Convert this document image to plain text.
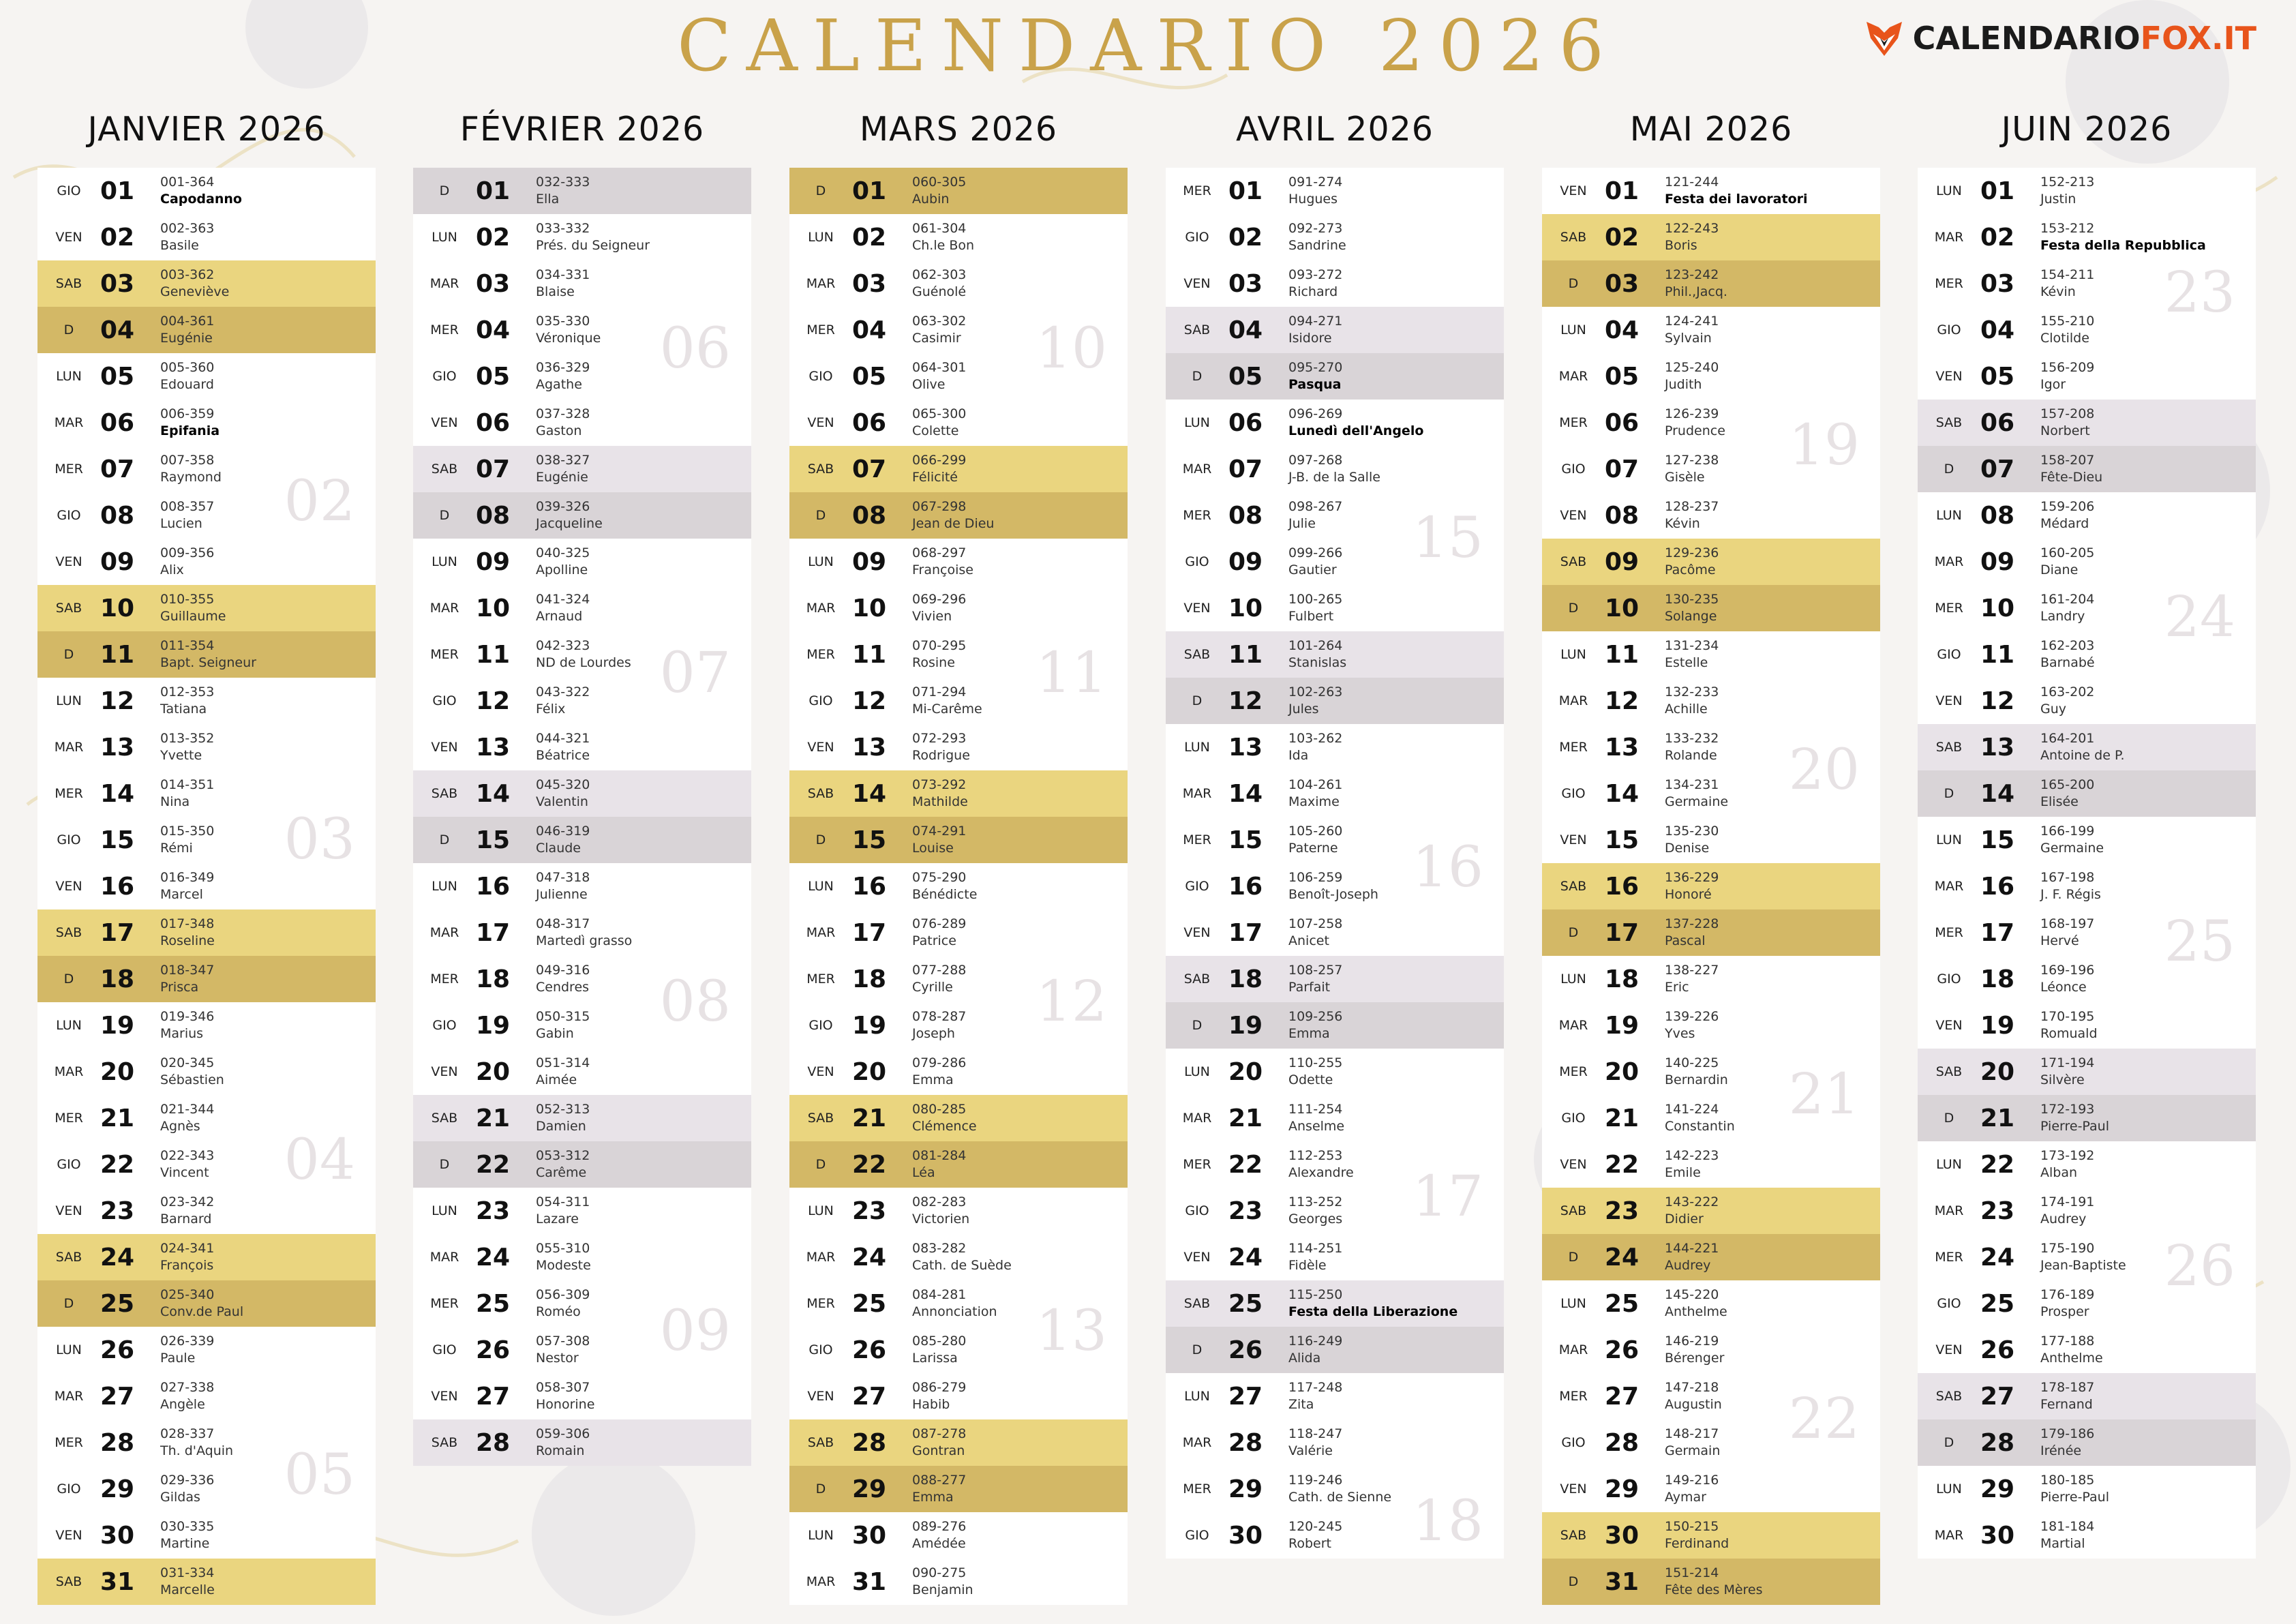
CALENDARIO 2026	CALENDARIO FOX.IT
JANVIER 2026
GIO 01 001-364
Capodanno
VEN 02 002-363
Basile
SAB 03 003-362
Geneviève
D	04 004-361
Eugénie
LUN 05 005-360
Edouard
MAR 06 006-359
Epifania
MER 07 007-358
Raymond
GIO 08 008-357
Lucien
VEN 09 009-356
Alix
SAB 10 010-355
Guillaume
D	11 011-354
Bapt. Seigneur
LUN 12 012-353
Tatiana
MAR 13 013-352
Yvette
MER 14 014-351
Nina
GIO 15 015-350
Rémi
VEN 16 016-349
Marcel
SAB 17 017-348
Roseline
D	18 018-347
Prisca
LUN 19 019-346
Marius
MAR 20 020-345
Sébastien
MER 21 021-344
Agnès
GIO 22 022-343
Vincent
VEN 23 023-342
Barnard
SAB 24 024-341
François
D	25 025-340
Conv.de Paul
LUN 26 026-339
Paule
MAR 27 027-338
Angèle
MER 28 028-337
Th. d'Aquin
GIO 29 029-336
Gildas
VEN 30 030-335
Martine
SAB 31 031-334
Marcelle
02
03
04
05
FÉVRIER 2026
D	01 032-333
Ella
LUN 02 033-332
Prés. du Seigneur
MAR 03 034-331
Blaise
MER 04 035-330
Véronique
GIO 05 036-329
Agathe
VEN 06 037-328
Gaston
SAB 07 038-327
Eugénie
D	08 039-326
Jacqueline
LUN 09 040-325
Apolline
MAR 10 041-324
Arnaud
MER 11 042-323
ND de Lourdes
GIO 12 043-322
Félix
VEN 13 044-321
Béatrice
SAB 14 045-320
Valentin
D	15 046-319
Claude
LUN 16 047-318
Julienne
MAR 17 048-317
Martedì grasso
MER 18 049-316
Cendres
GIO 19 050-315
Gabin
VEN 20 051-314
Aimée
SAB 21 052-313
Damien
D	22 053-312
Carême
LUN 23 054-311
Lazare
MAR 24 055-310
Modeste
MER 25 056-309
Roméo
GIO 26 057-308
Nestor
VEN 27 058-307
Honorine
SAB 28 059-306
Romain
06
07
08
09
MARS 2026
D	01 060-305
Aubin
LUN 02 061-304
Ch.le Bon
MAR 03 062-303
Guénolé
MER 04 063-302
Casimir
GIO 05 064-301
Olive
VEN 06 065-300
Colette
SAB 07 066-299
Félicité
D	08 067-298
Jean de Dieu
LUN 09 068-297
Françoise
MAR 10 069-296
Vivien
MER 11 070-295
Rosine
GIO 12 071-294
Mi-Carême
VEN 13 072-293
Rodrigue
SAB 14 073-292
Mathilde
D	15 074-291
Louise
LUN 16 075-290
Bénédicte
MAR 17 076-289
Patrice
MER 18 077-288
Cyrille
GIO 19 078-287
Joseph
VEN 20 079-286
Emma
SAB 21 080-285
Clémence
D	22 081-284
Léa
LUN 23 082-283
Victorien
MAR 24 083-282
Cath. de Suède
MER 25 084-281
Annonciation
GIO 26 085-280
Larissa
VEN 27 086-279
Habib
SAB 28 087-278
Gontran
D	29 088-277
Emma
LUN 30 089-276
Amédée
MAR 31 090-275
Benjamin
10
11
12
13
AVRIL 2026
MER 01 091-274
Hugues
GIO 02 092-273
Sandrine
VEN 03 093-272
Richard
SAB 04 094-271
Isidore
D	05 095-270
Pasqua
LUN 06 096-269
Lunedì dell'Angelo
MAR 07 097-268
J-B. de la Salle
MER 08 098-267
Julie
GIO 09 099-266
Gautier
VEN 10 100-265
Fulbert
SAB 11 101-264
Stanislas
D	12 102-263
Jules
LUN 13 103-262
Ida
MAR 14 104-261
Maxime
MER 15 105-260
Paterne
GIO 16 106-259
Benoît-Joseph
VEN 17 107-258
Anicet
SAB 18 108-257
Parfait
D	19 109-256
Emma
LUN 20 110-255
Odette
MAR 21 111-254
Anselme
MER 22 112-253
Alexandre
GIO 23 113-252
Georges
VEN 24 114-251
Fidèle
SAB 25 115-250
Festa della Liberazione
D	26 116-249
Alida
LUN 27 117-248
Zita
MAR 28 118-247
Valérie
MER 29 119-246
Cath. de Sienne
GIO 30 120-245
Robert
15
16
17
18
MAI 2026
VEN 01 121-244
Festa dei lavoratori
SAB 02 122-243
Boris
D	03 123-242
Phil.,Jacq.
LUN 04 124-241
Sylvain
MAR 05 125-240
Judith
MER 06 126-239
Prudence
GIO 07 127-238
Gisèle
VEN 08 128-237
Kévin
SAB 09 129-236
Pacôme
D	10 130-235
Solange
LUN 11 131-234
Estelle
MAR 12 132-233
Achille
MER 13 133-232
Rolande
GIO 14 134-231
Germaine
VEN 15 135-230
Denise
SAB 16 136-229
Honoré
D	17 137-228
Pascal
LUN 18 138-227
Eric
MAR 19 139-226
Yves
MER 20 140-225
Bernardin
GIO 21 141-224
Constantin
VEN 22 142-223
Emile
SAB 23 143-222
Didier
D	24 144-221
Audrey
LUN 25 145-220
Anthelme
MAR 26 146-219
Bérenger
MER 27 147-218
Augustin
GIO 28 148-217
Germain
VEN 29 149-216
Aymar
SAB 30 150-215
Ferdinand
D	31 151-214
Fête des Mères
19
20
21
22
JUIN 2026
LUN 01 152-213
Justin
MAR 02 153-212
Festa della Repubblica
MER 03 154-211
Kévin
GIO 04 155-210
Clotilde
VEN 05 156-209
Igor
SAB 06 157-208
Norbert
D	07 158-207
Fête-Dieu
LUN 08 159-206
Médard
MAR 09 160-205
Diane
MER 10 161-204
Landry
GIO 11 162-203
Barnabé
VEN 12 163-202
Guy
SAB 13 164-201
Antoine de P.
D	14 165-200
Elisée
LUN 15 166-199
Germaine
MAR 16 167-198
J. F. Régis
MER 17 168-197
Hervé
GIO 18 169-196
Léonce
VEN 19 170-195
Romuald
SAB 20 171-194
Silvère
D	21 172-193
Pierre-Paul
LUN 22 173-192
Alban
MAR 23 174-191
Audrey
MER 24 175-190
Jean-Baptiste
GIO 25 176-189
Prosper
VEN 26 177-188
Anthelme
SAB 27 178-187
Fernand
D	28 179-186
Irénée
LUN 29 180-185
Pierre-Paul
MAR 30 181-184
Martial
23
24
25
26
